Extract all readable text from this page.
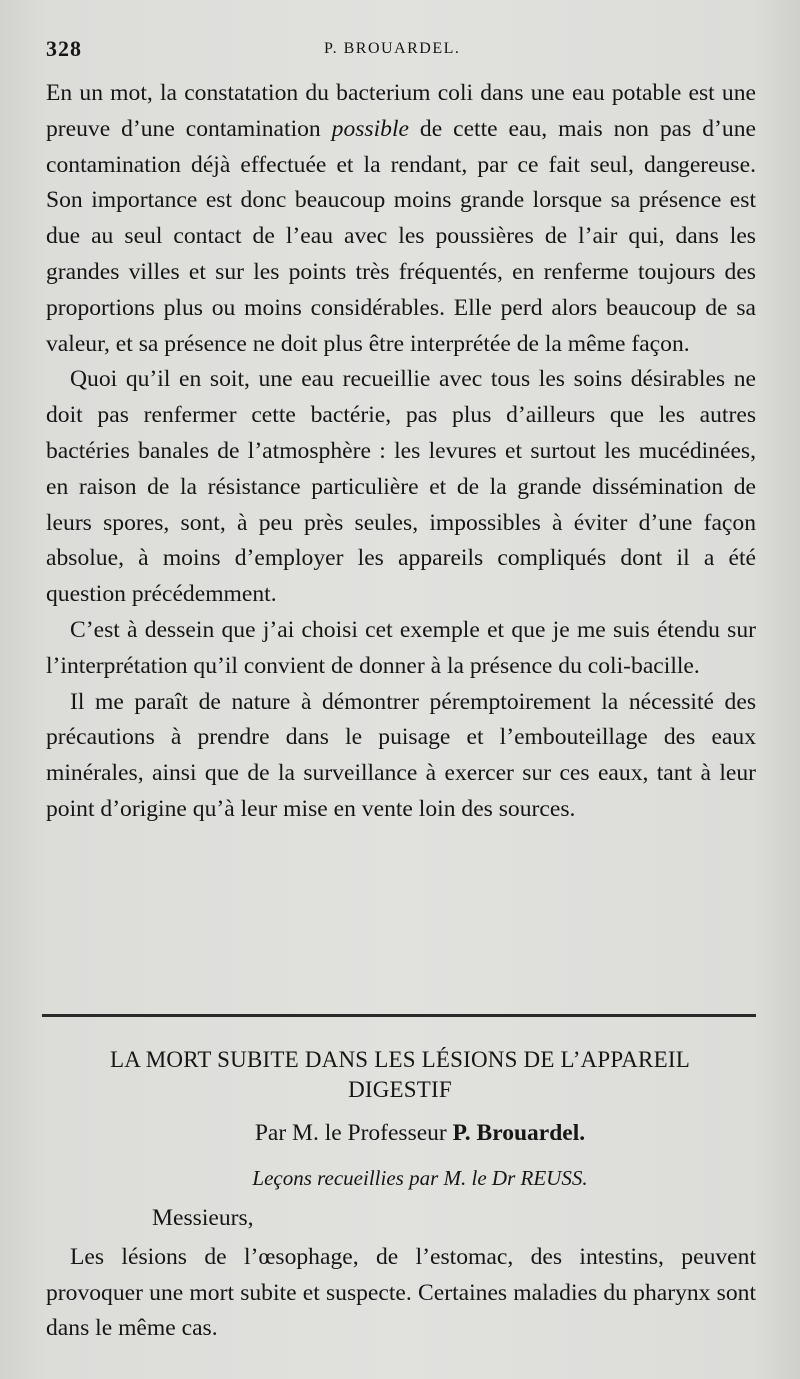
328	P. BROUARDEL.

En un mot, la constatation du bacterium coli dans une eau potable est une preuve d’une contamination possible de cette eau, mais non pas d’une contamination déjà effectuée et la rendant, par ce fait seul, dangereuse. Son importance est donc beaucoup moins grande lorsque sa présence est due au seul contact de l’eau avec les poussières de l’air qui, dans les grandes villes et sur les points très fréquentés, en renferme toujours des proportions plus ou moins considérables. Elle perd alors beaucoup de sa valeur, et sa présence ne doit plus être interprétée de la même façon.

Quoi qu’il en soit, une eau recueillie avec tous les soins désirables ne doit pas renfermer cette bactérie, pas plus d’ailleurs que les autres bactéries banales de l’atmosphère : les levures et surtout les mucédinées, en raison de la résistance particulière et de la grande dissémination de leurs spores, sont, à peu près seules, impossibles à éviter d’une façon absolue, à moins d’employer les appareils compliqués dont il a été question précédemment.

C’est à dessein que j’ai choisi cet exemple et que je me suis étendu sur l’interprétation qu’il convient de donner à la présence du coli-bacille.

Il me paraît de nature à démontrer péremptoirement la nécessité des précautions à prendre dans le puisage et l’embouteillage des eaux minérales, ainsi que de la surveillance à exercer sur ces eaux, tant à leur point d’origine qu’à leur mise en vente loin des sources.

LA MORT SUBITE DANS LES LÉSIONS DE L’APPAREIL
DIGESTIF
Par M. le Professeur P. Brouardel.
Leçons recueillies par M. le Dr REUSS.
Messieurs,

Les lésions de l’œsophage, de l’estomac, des intestins, peuvent provoquer une mort subite et suspecte. Certaines maladies du pharynx sont dans le même cas.
